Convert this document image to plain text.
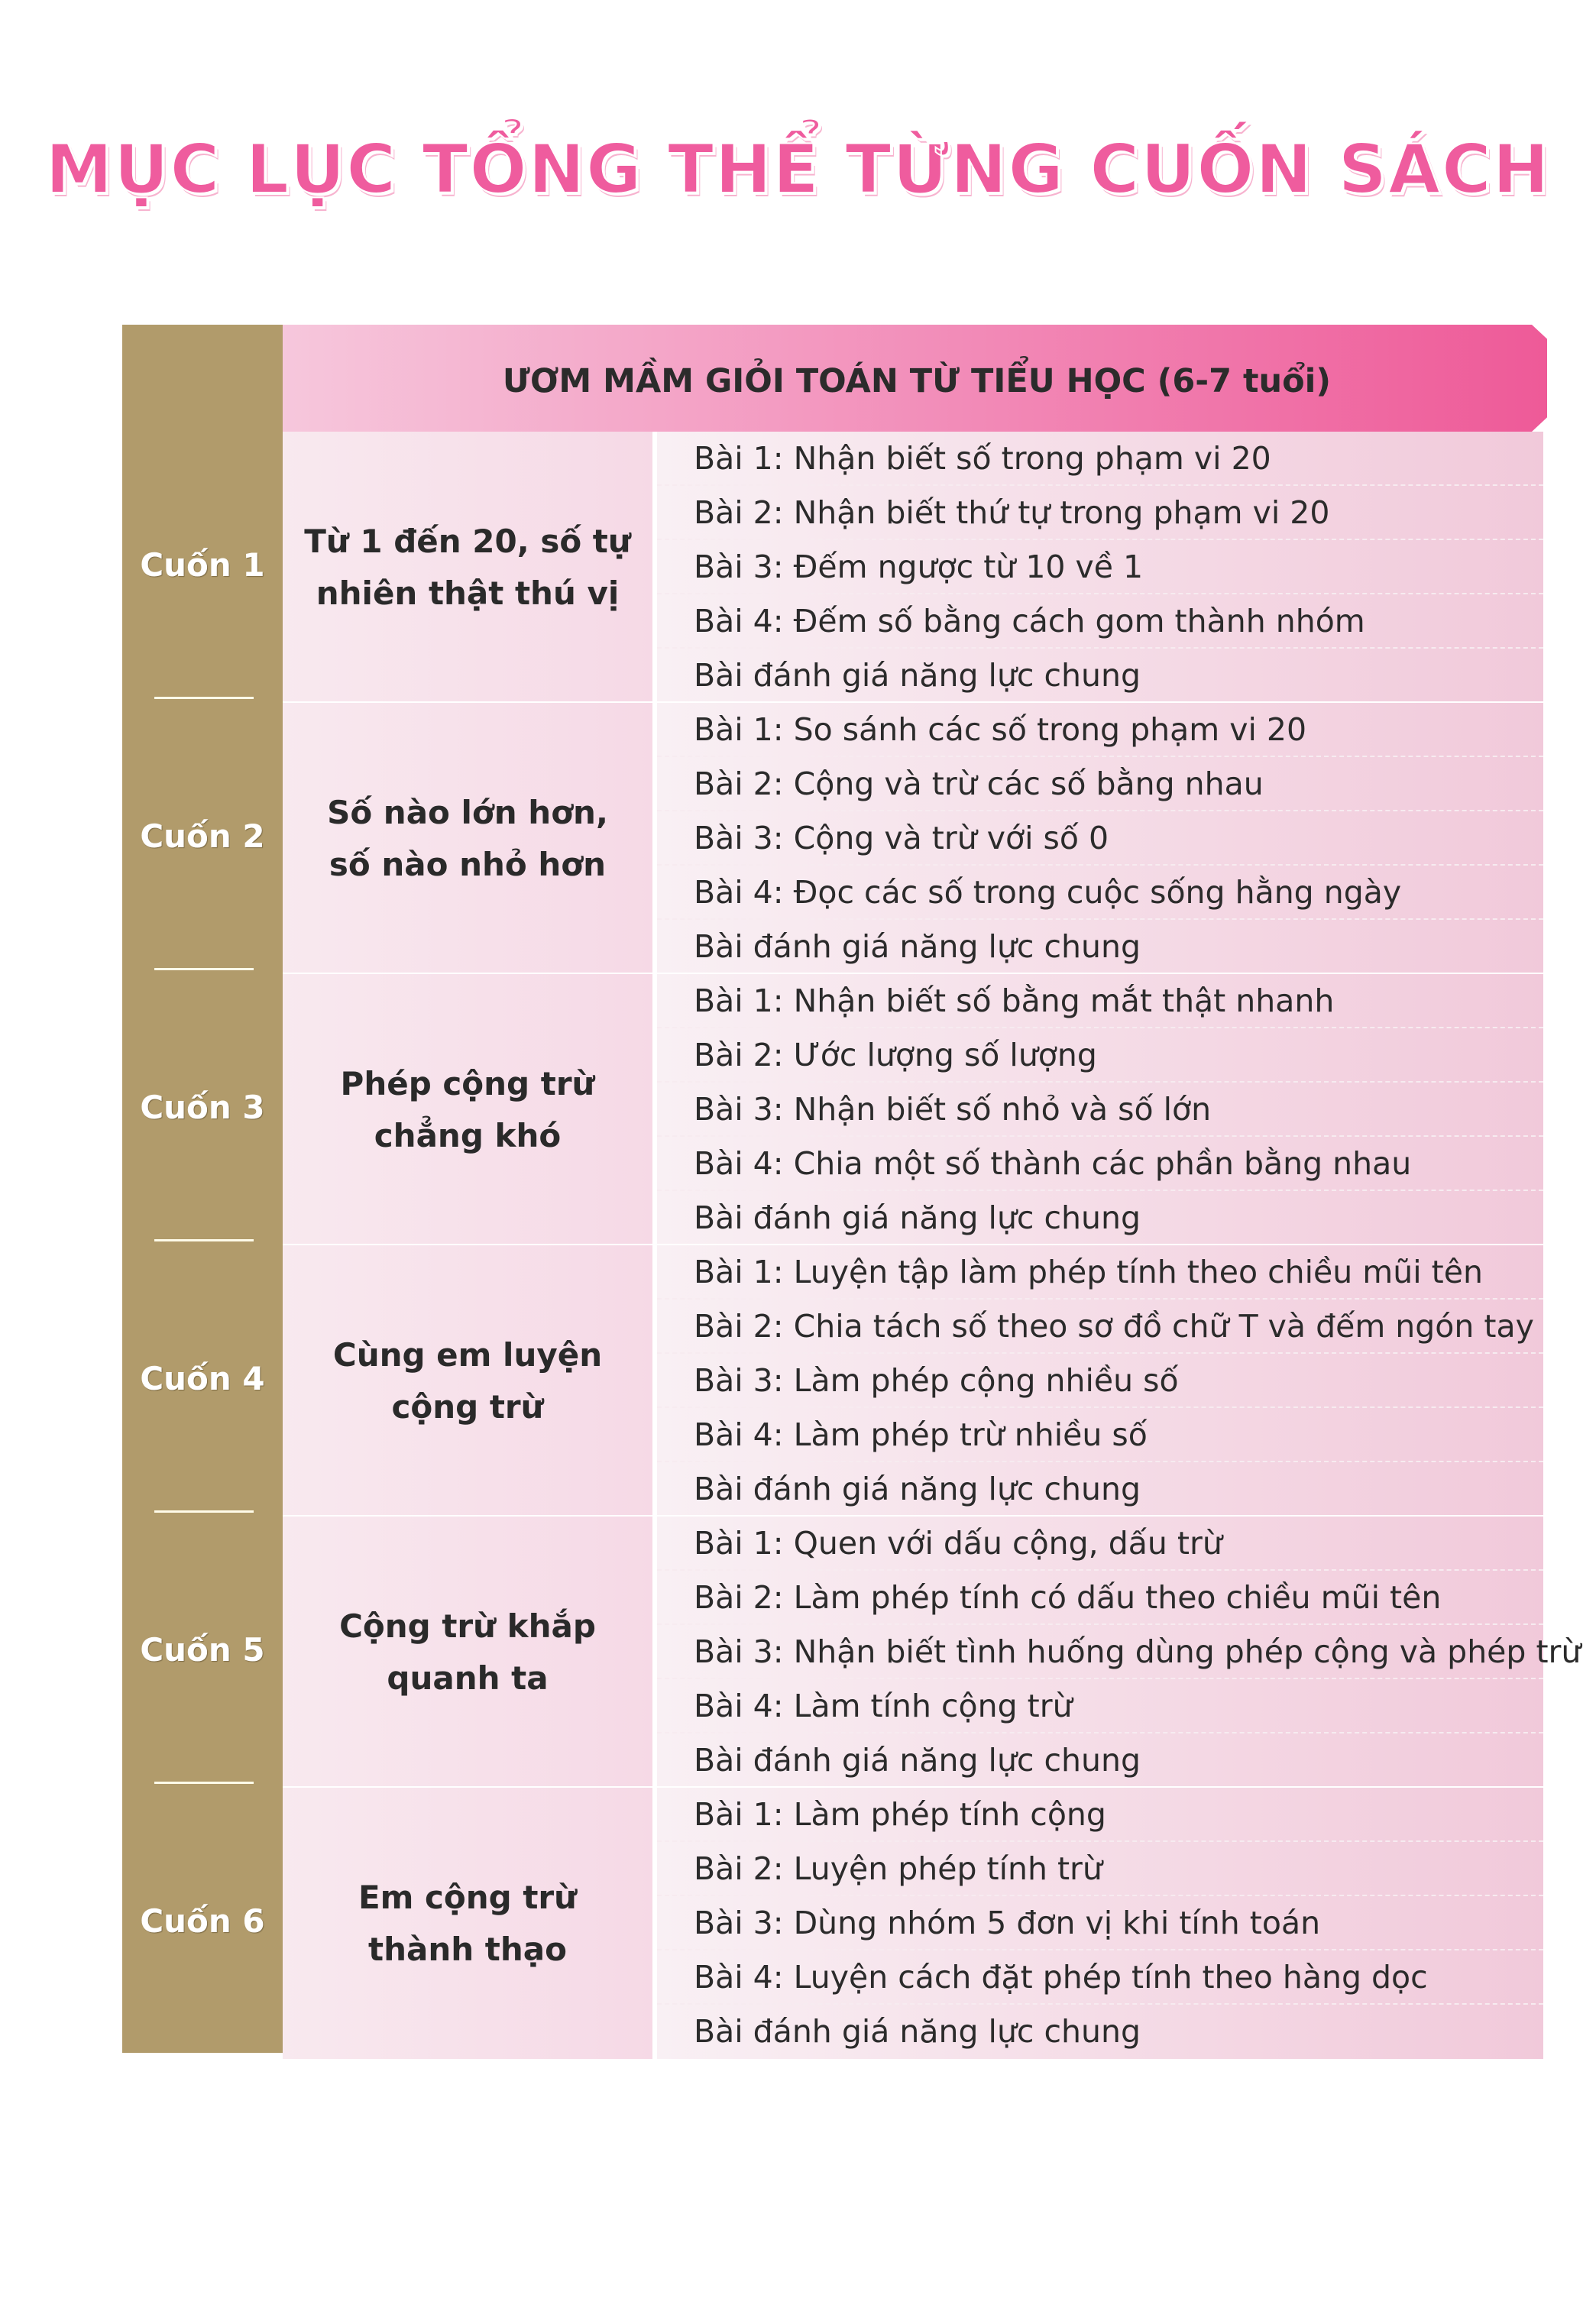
MỤC LỤC TỔNG THỂ TỪNG CUỐN SÁCH
ƯƠM MẦM GIỎI TOÁN TỪ TIỂU HỌC (6-7 tuổi)
Cuốn 1
Từ 1 đến 20, số tự
nhiên thật thú vị
Bài 1: Nhận biết số trong phạm vi 20
Bài 2: Nhận biết thứ tự trong phạm vi 20
Bài 3: Đếm ngược từ 10 về 1
Bài 4: Đếm số bằng cách gom thành nhóm
Bài đánh giá năng lực chung
Cuốn 2
Số nào lớn hơn,
số nào nhỏ hơn
Bài 1: So sánh các số trong phạm vi 20
Bài 2: Cộng và trừ các số bằng nhau
Bài 3: Cộng và trừ với số 0
Bài 4: Đọc các số trong cuộc sống hằng ngày
Bài đánh giá năng lực chung
Cuốn 3
Phép cộng trừ
chẳng khó
Bài 1: Nhận biết số bằng mắt thật nhanh
Bài 2: Ước lượng số lượng
Bài 3: Nhận biết số nhỏ và số lớn
Bài 4: Chia một số thành các phần bằng nhau
Bài đánh giá năng lực chung
Cuốn 4
Cùng em luyện
cộng trừ
Bài 1: Luyện tập làm phép tính theo chiều mũi tên
Bài 2: Chia tách số theo sơ đồ chữ T và đếm ngón tay
Bài 3: Làm phép cộng nhiều số
Bài 4: Làm phép trừ nhiều số
Bài đánh giá năng lực chung
Cuốn 5
Cộng trừ khắp
quanh ta
Bài 1: Quen với dấu cộng, dấu trừ
Bài 2: Làm phép tính có dấu theo chiều mũi tên
Bài 3: Nhận biết tình huống dùng phép cộng và phép trừ
Bài 4: Làm tính cộng trừ
Bài đánh giá năng lực chung
Cuốn 6
Em cộng trừ
thành thạo
Bài 1: Làm phép tính cộng
Bài 2: Luyện phép tính trừ
Bài 3: Dùng nhóm 5 đơn vị khi tính toán
Bài 4: Luyện cách đặt phép tính theo hàng dọc
Bài đánh giá năng lực chung
